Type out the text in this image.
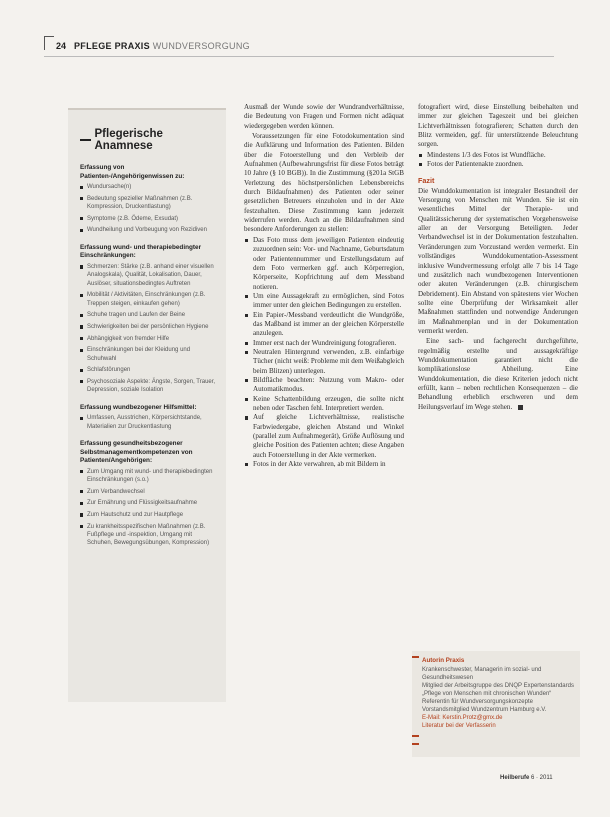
24 PFLEGE PRAXIS WUNDVERSORGUNG
Pflegerische Anamnese
Erfassung von Patienten-/Angehörigenwissen zu:
Wundursache(n)
Bedeutung spezieller Maßnahmen (z.B. Kompression, Druckentlastung)
Symptome (z.B. Ödeme, Exsudat)
Wundheilung und Vorbeugung von Rezidiven
Erfassung wund- und therapiebedingter Einschränkungen:
Schmerzen: Stärke (z.B. anhand einer visuellen Analogskala), Qualität, Lokalisation, Dauer, Auslöser, situationsbedingtes Auftreten
Mobilität / Aktivitäten, Einschränkungen (z.B. Treppen steigen, einkaufen gehen)
Schuhe tragen und Laufen der Beine
Schwierigkeiten bei der persönlichen Hygiene
Abhängigkeit von fremder Hilfe
Einschränkungen bei der Kleidung und Schuhwahl
Schlafstörungen
Psychosoziale Aspekte: Ängste, Sorgen, Trauer, Depression, soziale Isolation
Erfassung wundbezogener Hilfsmittel:
Umfassen, Ausstrichen, Körpersichtstande, Materialien zur Druckentlastung
Erfassung gesundheitsbezogener Selbstmanagementkompetenzen von Patienten/Angehörigen:
Zum Umgang mit wund- und therapiebedingten Einschränkungen (s.o.)
Zum Verbandwechsel
Zur Ernährung und Flüssigkeitsaufnahme
Zum Hautschutz und zur Hautpflege
Zu krankheitsspezifischen Maßnahmen (z.B. Fußpflege und -inspektion, Umgang mit Schuhen, Bewegungsübungen, Kompression)

Ausmaß der Wunde sowie der Wundrandverhältnisse, die Bedeutung von Fragen und Formen nicht adäquat wiedergegeben werden können.

Voraussetzungen für eine Fotodokumentation sind die Aufklärung und Information des Patienten. Bilden über die Fotoerstellung und den Verbleib der Aufnahmen (Aufbewahrungsfrist für diese Fotos beträgt 10 Jahre (§ 10 BGB)). In die Zustimmung (§201a StGB Verletzung des höchstpersönlichen Lebensbereichs durch Bildaufnahmen) des Patienten oder seiner gesetzlichen Betreuers einzuholen und in der Akte festzuhalten. Diese Zustimmung kann jederzeit widerrufen werden. Auch an die Bildaufnahmen sind besondere Anforderungen zu stellen:

Das Foto muss dem jeweiligen Patienten eindeutig zuzuordnen sein: Vor- und Nachname, Geburtsdatum oder Patientennummer und Erstellungsdatum auf dem Foto vermerken ggf. auch Körperregion, Körperseite, Kopfrichtung auf dem Messband notieren.
Um eine Aussagekraft zu ermöglichen, sind Fotos immer unter den gleichen Bedingungen zu erstellen.
Ein Papier-/Messband verdeutlicht die Wundgröße, das Maßband ist immer an der gleichen Körperstelle anzulegen.
Immer erst nach der Wundreinigung fotografieren.
Neutralen Hintergrund verwenden, z.B. einfarbige Tücher (nicht weiß: Probleme mit dem Weißabgleich beim Blitzen) unterlegen.
Bildfläche beachten: Nutzung vom Makro- oder Automatikmodus.
Keine Schattenbildung erzeugen, die sollte nicht neben oder Taschen fehl. Interpretiert werden.
Auf gleiche Lichtverhältnisse, realistische Farbwiedergabe, gleichen Abstand und Winkel (parallel zum Aufnahmegerät), Größe Auflösung und gleiche Position des Patienten achten; diese Angaben auch Fotoerstellung in der Akte vermerken.
Fotos in der Akte verwahren, ab mit Bildern in

fotografiert wird, diese Einstellung beibehalten und immer zur gleichen Tageszeit und bei gleichen Lichtverhältnissen fotografieren; Schatten durch den Blitz vermeiden, ggf. für unterstützende Beleuchtung sorgen.

Mindestens 1/3 des Fotos ist Wundfläche.
Fotos der Patientenakte zuordnen.
Fazit

Die Wunddokumentation ist integraler Bestandteil der Versorgung von Menschen mit Wunden. Sie ist ein wesentliches Mittel der Therapie- und Qualitätssicherung der systematischen Vorgehensweise aller an der Versorgung Beteiligten. Jeder Verbandwechsel ist in der Dokumentation festzuhalten. Veränderungen zum Vorzustand werden vermerkt. Ein vollständiges Wunddokumentation-Assessment inklusive Wundvermessung erfolgt alle 7 bis 14 Tage und zusätzlich nach wundbezogenen Interventionen oder akuten Veränderungen (z.B. chirurgischem Debridement). Ein Abstand von spätestens vier Wochen sollte eine Überprüfung der Wirksamkeit aller Maßnahmen stattfinden und notwendige Änderungen im Maßnahmenplan und in der Dokumentation vermerkt werden.

Eine sach- und fachgerecht durchgeführte, regelmäßig erstellte und aussagekräftige Wunddokumentation garantiert nicht die komplikationslose Abheilung. Eine Wunddokumentation, die diese Kriterien jedoch nicht erfüllt, kann – neben rechtlichen Konsequenzen – die Behandlung erheblich erschweren und dem Heilungsverlauf im Wege stehen.

Autorin Praxis
Krankenschwester, Managerin im sozial- und Gesundheitswesen
Mitglied der Arbeitsgruppe des DNQP Expertenstandards „Pflege von Menschen mit chronischen Wunden“
Referentin für Wundversorgungskonzepte
Vorstandsmitglied Wundzentrum Hamburg e.V.
E-Mail: Kerstin.Protz@gmx.de
Literatur bei der Verfasserin
Heilberufe 6 · 2011
